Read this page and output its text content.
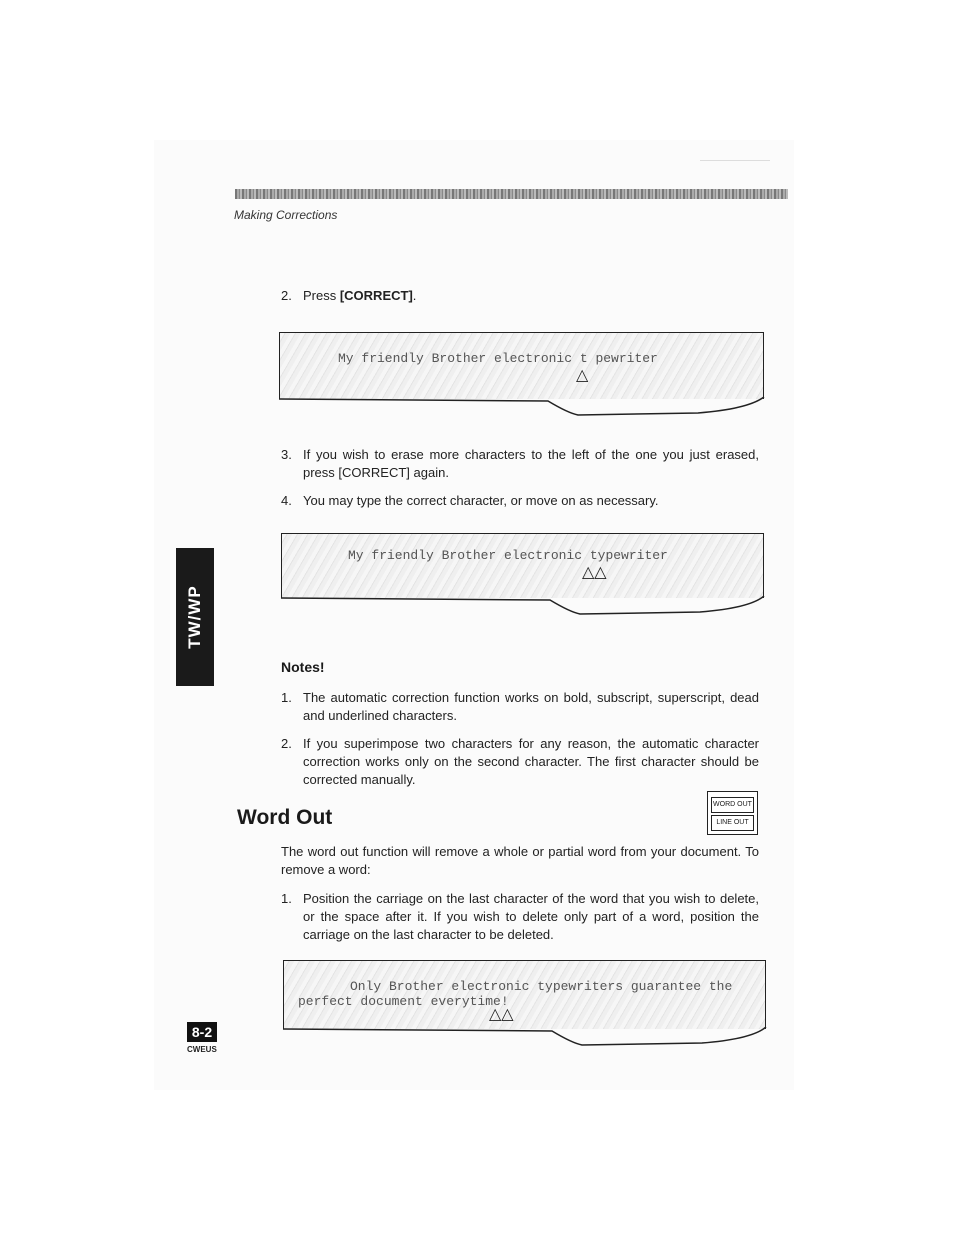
Making Corrections
TW/WP
2. Press [CORRECT].
My friendly Brother electronic t pewriter
△
3. If you wish to erase more characters to the left of the one you just erased, press [CORRECT] again.
4. You may type the correct character, or move on as necessary.
My friendly Brother electronic typewriter
△△
Notes!
1. The automatic correction function works on bold, subscript, superscript, dead and underlined characters.
2. If you superimpose two characters for any reason, the automatic character correction works only on the second character. The first character should be corrected manually.
Word Out
WORD OUT
LINE OUT
The word out function will remove a whole or partial word from your document. To remove a word:
1. Position the carriage on the last character of the word that you wish to delete, or the space after it. If you wish to delete only part of a word, position the carriage on the last character to be deleted.
Only Brother electronic typewriters guarantee the
perfect document everytime!
△△
8-2
CWEUS
